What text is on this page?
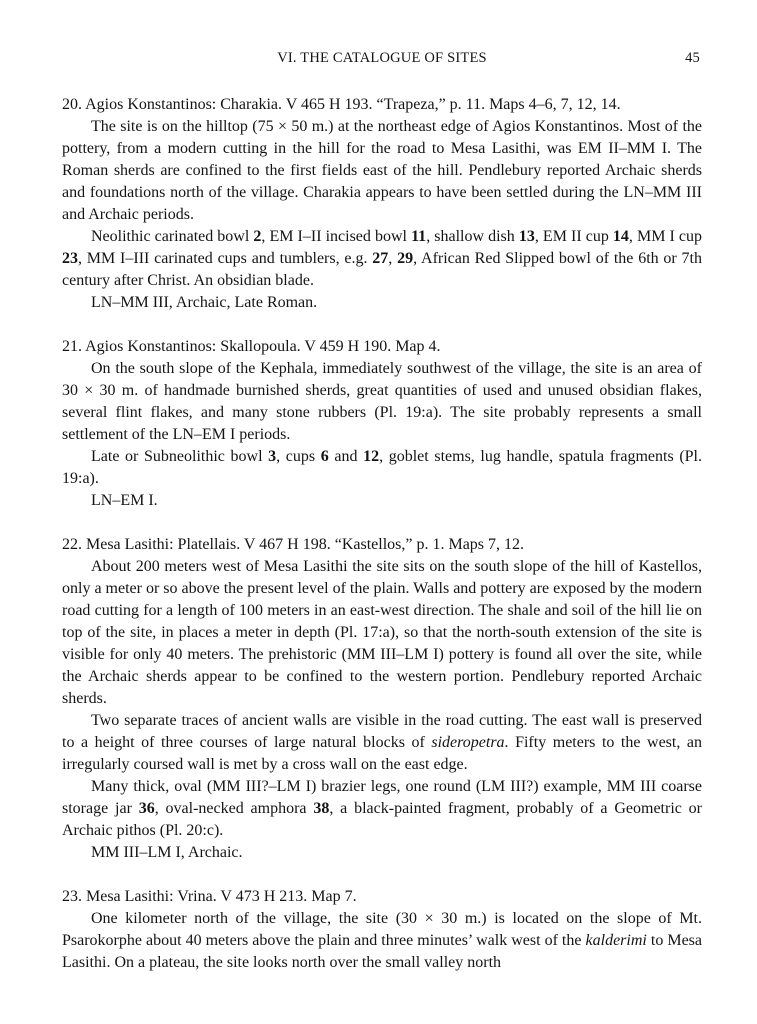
VI. THE CATALOGUE OF SITES	45

20. Agios Konstantinos: Charakia. V 465 H 193. “Trapeza,” p. 11. Maps 4–6, 7, 12, 14.

The site is on the hilltop (75 × 50 m.) at the northeast edge of Agios Konstantinos. Most of the pottery, from a modern cutting in the hill for the road to Mesa Lasithi, was EM II–MM I. The Roman sherds are confined to the first fields east of the hill. Pendlebury reported Archaic sherds and foundations north of the village. Charakia appears to have been settled during the LN–MM III and Archaic periods.

Neolithic carinated bowl 2, EM I–II incised bowl 11, shallow dish 13, EM II cup 14, MM I cup 23, MM I–III carinated cups and tumblers, e.g. 27, 29, African Red Slipped bowl of the 6th or 7th century after Christ. An obsidian blade.

LN–MM III, Archaic, Late Roman.

21. Agios Konstantinos: Skallopoula. V 459 H 190. Map 4.

On the south slope of the Kephala, immediately southwest of the village, the site is an area of 30 × 30 m. of handmade burnished sherds, great quantities of used and unused obsidian flakes, several flint flakes, and many stone rubbers (Pl. 19:a). The site probably represents a small settlement of the LN–EM I periods.

Late or Subneolithic bowl 3, cups 6 and 12, goblet stems, lug handle, spatula fragments (Pl. 19:a).

LN–EM I.

22. Mesa Lasithi: Platellais. V 467 H 198. “Kastellos,” p. 1. Maps 7, 12.

About 200 meters west of Mesa Lasithi the site sits on the south slope of the hill of Kastellos, only a meter or so above the present level of the plain. Walls and pottery are exposed by the modern road cutting for a length of 100 meters in an east-west direction. The shale and soil of the hill lie on top of the site, in places a meter in depth (Pl. 17:a), so that the north-south extension of the site is visible for only 40 meters. The prehistoric (MM III–LM I) pottery is found all over the site, while the Archaic sherds appear to be confined to the western portion. Pendlebury reported Archaic sherds.

Two separate traces of ancient walls are visible in the road cutting. The east wall is preserved to a height of three courses of large natural blocks of sideropetra. Fifty meters to the west, an irregularly coursed wall is met by a cross wall on the east edge.

Many thick, oval (MM III?–LM I) brazier legs, one round (LM III?) example, MM III coarse storage jar 36, oval-necked amphora 38, a black-painted fragment, probably of a Geometric or Archaic pithos (Pl. 20:c).

MM III–LM I, Archaic.

23. Mesa Lasithi: Vrina. V 473 H 213. Map 7.

One kilometer north of the village, the site (30 × 30 m.) is located on the slope of Mt. Psarokorphe about 40 meters above the plain and three minutes’ walk west of the kalderimi to Mesa Lasithi. On a plateau, the site looks north over the small valley north
